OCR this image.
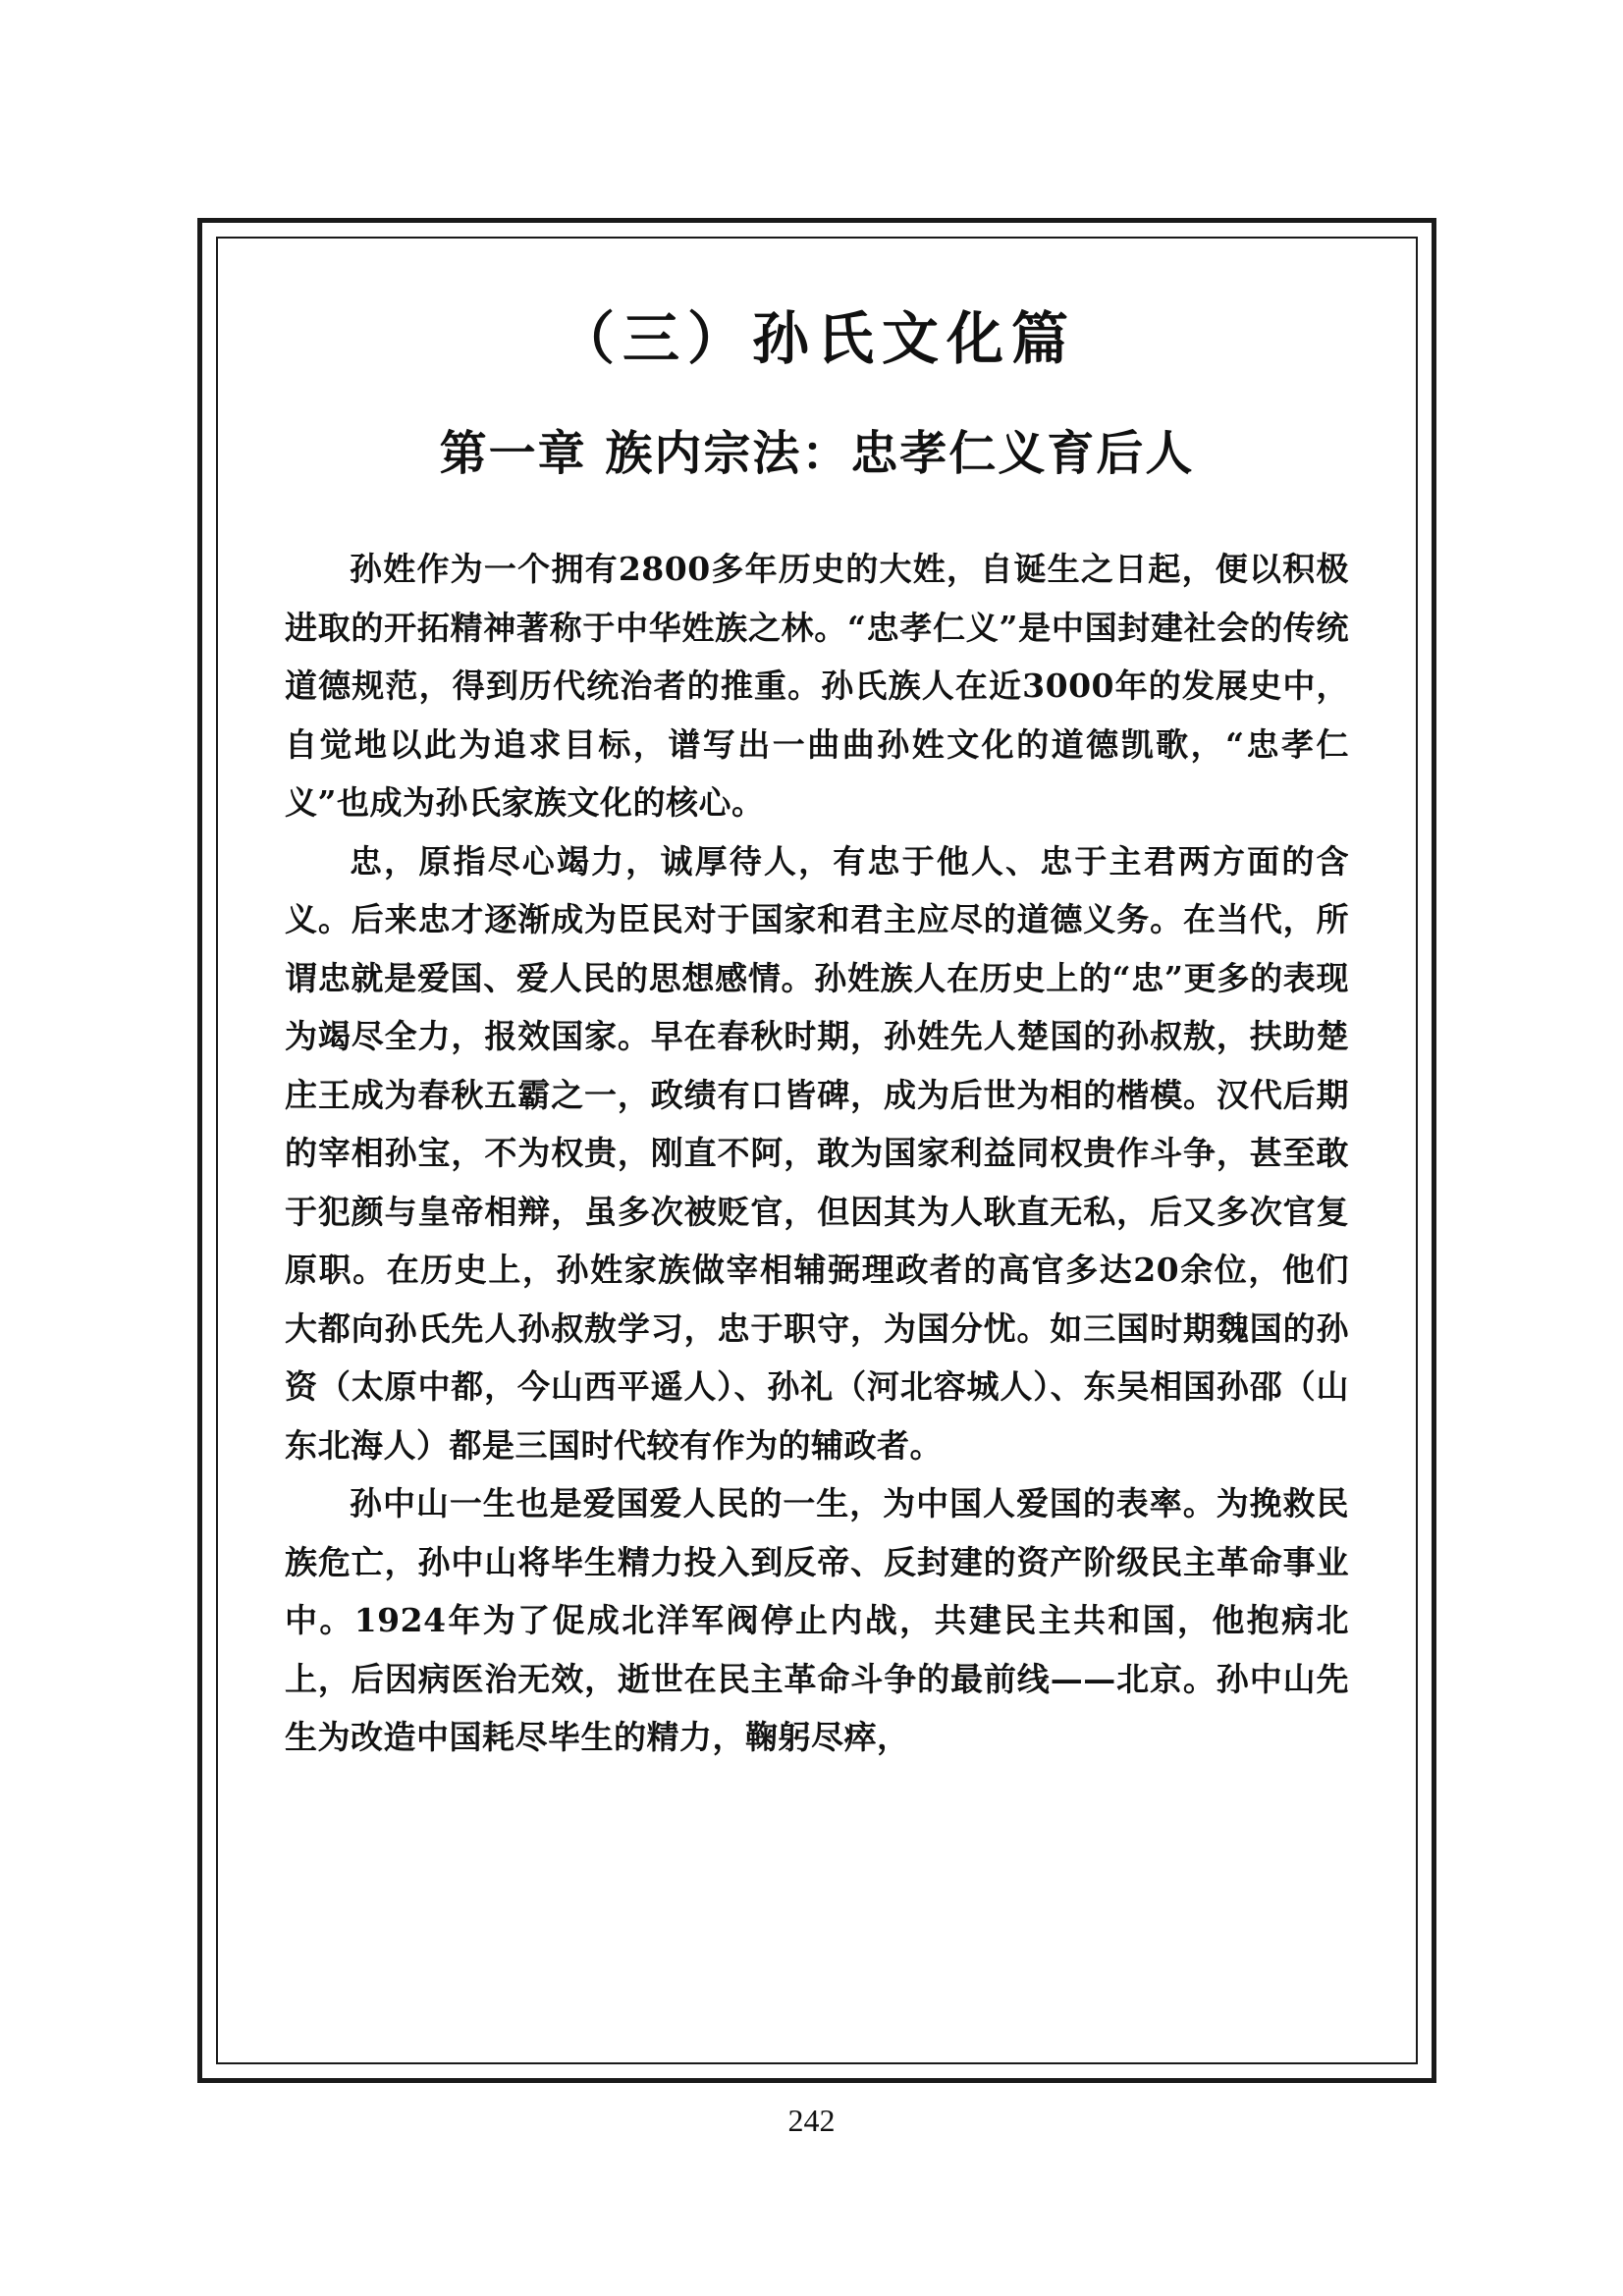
（三）孙氏文化篇
第一章 族内宗法：忠孝仁义育后人

孙姓作为一个拥有2800多年历史的大姓，自诞生之日起，便以积极进取的开拓精神著称于中华姓族之林。“忠孝仁义”是中国封建社会的传统道德规范，得到历代统治者的推重。孙氏族人在近3000年的发展史中，自觉地以此为追求目标，谱写出一曲曲孙姓文化的道德凯歌，“忠孝仁义”也成为孙氏家族文化的核心。

忠，原指尽心竭力，诚厚待人，有忠于他人、忠于主君两方面的含义。后来忠才逐渐成为臣民对于国家和君主应尽的道德义务。在当代，所谓忠就是爱国、爱人民的思想感情。孙姓族人在历史上的“忠”更多的表现为竭尽全力，报效国家。早在春秋时期，孙姓先人楚国的孙叔敖，扶助楚庄王成为春秋五霸之一，政绩有口皆碑，成为后世为相的楷模。汉代后期的宰相孙宝，不为权贵，刚直不阿，敢为国家利益同权贵作斗争，甚至敢于犯颜与皇帝相辩，虽多次被贬官，但因其为人耿直无私，后又多次官复原职。在历史上，孙姓家族做宰相辅弼理政者的高官多达20余位，他们大都向孙氏先人孙叔敖学习，忠于职守，为国分忧。如三国时期魏国的孙资（太原中都，今山西平遥人）、孙礼（河北容城人）、东吴相国孙邵（山东北海人）都是三国时代较有作为的辅政者。

孙中山一生也是爱国爱人民的一生，为中国人爱国的表率。为挽救民族危亡，孙中山将毕生精力投入到反帝、反封建的资产阶级民主革命事业中。1924年为了促成北洋军阀停止内战，共建民主共和国，他抱病北上，后因病医治无效，逝世在民主革命斗争的最前线——北京。孙中山先生为改造中国耗尽毕生的精力，鞠躬尽瘁，

242
